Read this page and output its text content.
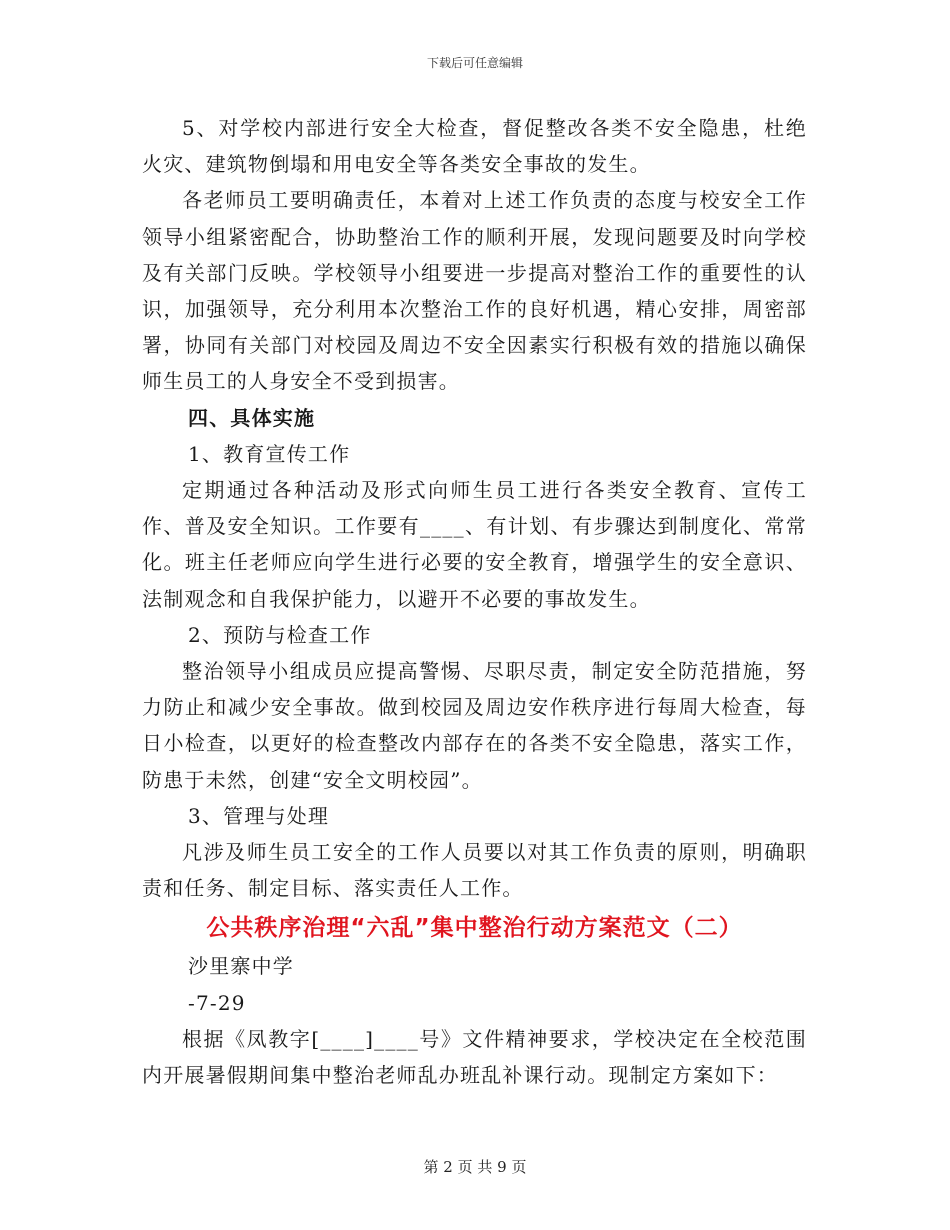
下载后可任意编辑

5、对学校内部进行安全大检查，督促整改各类不安全隐患，杜绝火灾、建筑物倒塌和用电安全等各类安全事故的发生。

各老师员工要明确责任，本着对上述工作负责的态度与校安全工作领导小组紧密配合，协助整治工作的顺利开展，发现问题要及时向学校及有关部门反映。学校领导小组要进一步提高对整治工作的重要性的认识，加强领导，充分利用本次整治工作的良好机遇，精心安排，周密部署，协同有关部门对校园及周边不安全因素实行积极有效的措施以确保师生员工的人身安全不受到损害。

四、具体实施

1、教育宣传工作

定期通过各种活动及形式向师生员工进行各类安全教育、宣传工作、普及安全知识。工作要有____、有计划、有步骤达到制度化、常常化。班主任老师应向学生进行必要的安全教育，增强学生的安全意识、法制观念和自我保护能力，以避开不必要的事故发生。

2、预防与检查工作

整治领导小组成员应提高警惕、尽职尽责，制定安全防范措施，努力防止和减少安全事故。做到校园及周边安作秩序进行每周大检查，每日小检查，以更好的检查整改内部存在的各类不安全隐患，落实工作，防患于未然，创建“安全文明校园”。

3、管理与处理

凡涉及师生员工安全的工作人员要以对其工作负责的原则，明确职责和任务、制定目标、落实责任人工作。

公共秩序治理“六乱”集中整治行动方案范文（二）

沙里寨中学

-7-29

根据《凤教字[____]____号》文件精神要求，学校决定在全校范围内开展暑假期间集中整治老师乱办班乱补课行动。现制定方案如下：

第 2 页 共 9 页
